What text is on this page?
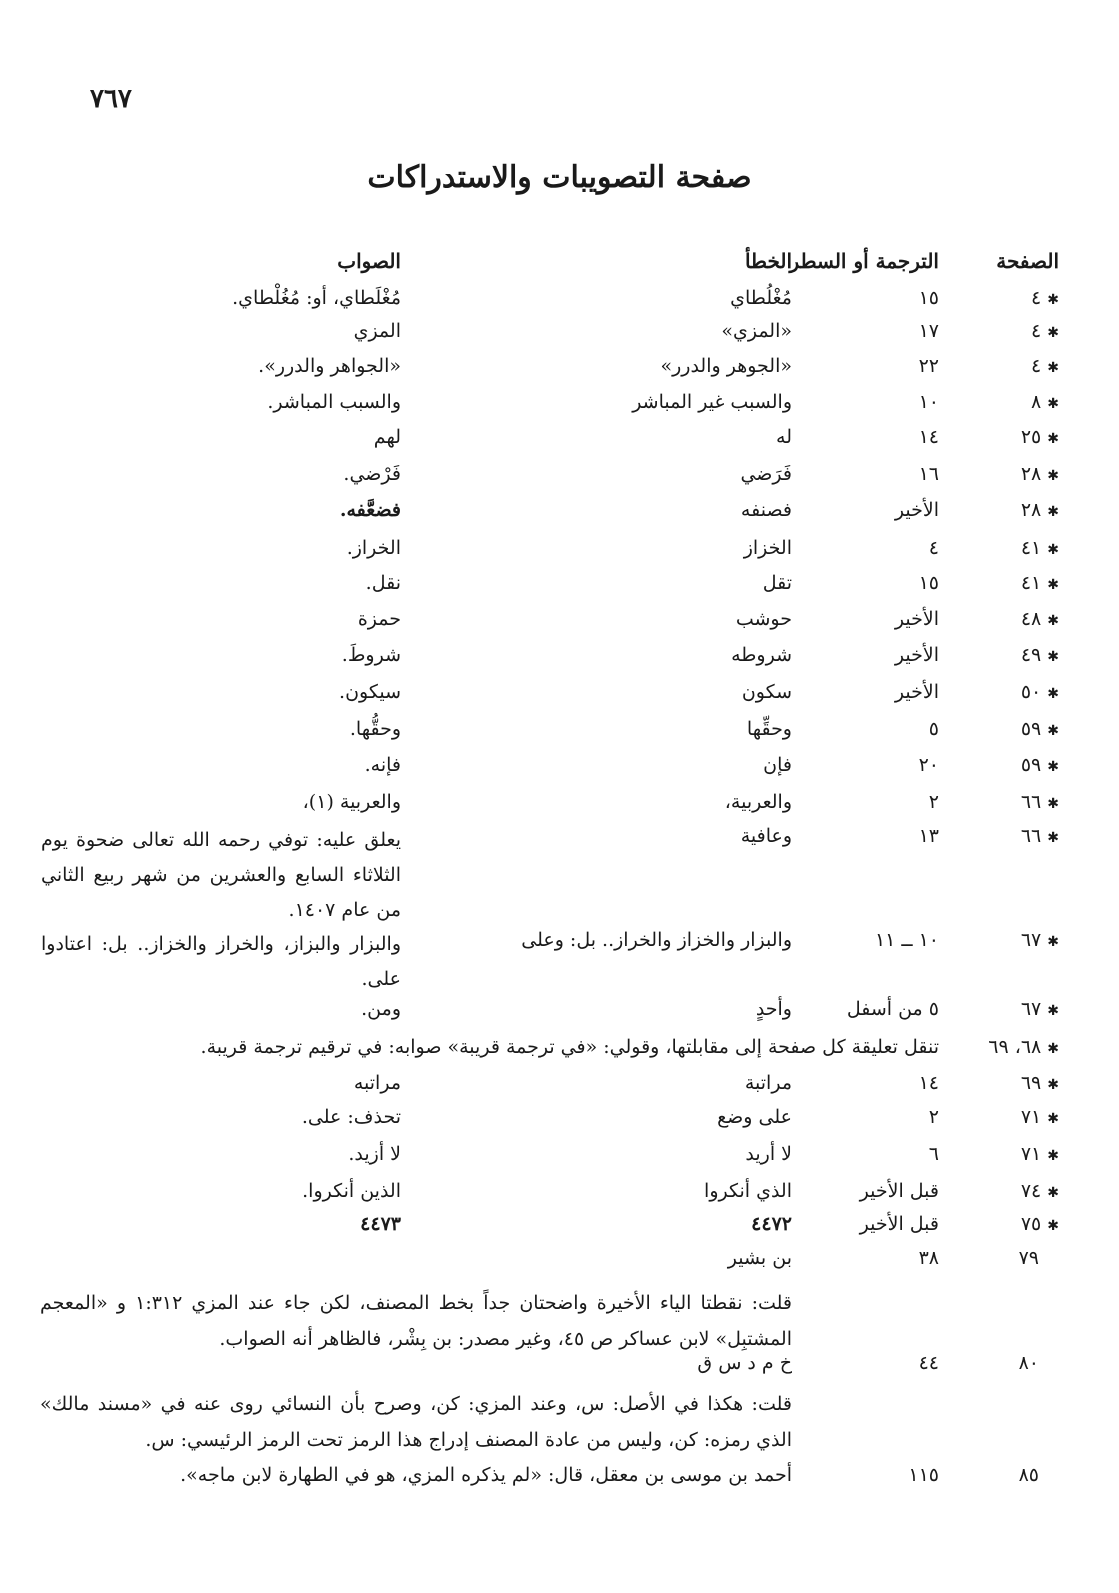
٧٦٧
صفحة التصويبات والاستدراكات
الصفحة
الترجمة أو السطر
الخطأ
الصواب
✱٤
١٥
مُغْلُطاي
مُغْلَطاي، أو: مُغُلْطاي.
✱٤
١٧
«المزي»
المزي
✱٤
٢٢
«الجوهر والدرر»
«الجواهر والدرر».
✱٨
١٠
والسبب غير المباشر
والسبب المباشر.
✱٢٥
١٤
له
لهم
✱٢٨
١٦
فَرَضي
فَرْضي.
✱٢٨
الأخير
فصنفه
فضعَّفه.
✱٤١
٤
الخزاز
الخراز.
✱٤١
١٥
تقل
نقل.
✱٤٨
الأخير
حوشب
حمزة
✱٤٩
الأخير
شروطه
شروطَ.
✱٥٠
الأخير
سكون
سيكون.
✱٥٩
٥
وحقِّها
وحقُّها.
✱٥٩
٢٠
فإن
فإنه.
✱٦٦
٢
والعربية،
والعربية (١)،
✱٦٦
١٣
وعافية
يعلق عليه: توفي رحمه الله تعالى ضحوة يوم الثلاثاء السابع والعشرين من شهر ربيع الثاني من عام ١٤٠٧.
✱٦٧
١٠ ــ ١١
والبزار والخزاز والخراز.. بل: وعلى
والبزار والبزاز، والخراز والخزاز.. بل: اعتادوا على.
✱٦٧
٥ من أسفل
وأحدٍ
ومن.
✱٦٨، ٦٩
تنقل تعليقة كل صفحة إلى مقابلتها، وقولي: «في ترجمة قريبة» صوابه: في ترقيم ترجمة قريبة.
✱٦٩
١٤
مراتبة
مراتبه
✱٧١
٢
على وضع
تحذف: على.
✱٧١
٦
لا أريد
لا أزيد.
✱٧٤
قبل الأخير
الذي أنكروا
الذين أنكروا.
✱٧٥
قبل الأخير
٤٤٧٢
٤٤٧٣
٧٩
٣٨
بن بشير
قلت: نقطتا الياء الأخيرة واضحتان جداً بخط المصنف، لكن جاء عند المزي ١:٣١٢ و «المعجم المشتبِل» لابن عساكر ص ٤٥، وغير مصدر: بن بِشْر، فالظاهر أنه الصواب.
٨٠
٤٤
خ م د س ق
قلت: هكذا في الأصل: س، وعند المزي: كن، وصرح بأن النسائي روى عنه في «مسند مالك» الذي رمزه: كن، وليس من عادة المصنف إدراج هذا الرمز تحت الرمز الرئيسي: س.
٨٥
١١٥
أحمد بن موسى بن معقل، قال: «لم يذكره المزي، هو في الطهارة لابن ماجه».
